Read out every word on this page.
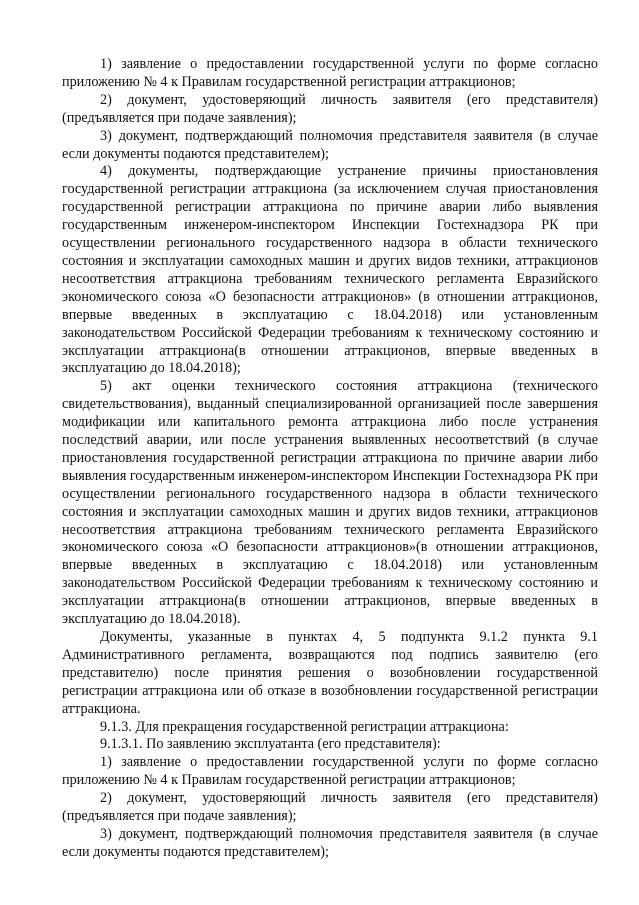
1) заявление о предоставлении государственной услуги по форме согласно приложению № 4 к Правилам государственной регистрации аттракционов;

2) документ, удостоверяющий личность заявителя (его представителя) (предъявляется при подаче заявления);

3) документ, подтверждающий полномочия представителя заявителя (в случае если документы подаются представителем);

4) документы, подтверждающие устранение причины приостановления государственной регистрации аттракциона (за исключением случая приостановления государственной регистрации аттракциона по причине аварии либо выявления государственным инженером-инспектором Инспекции Гостехнадзора РК при осуществлении регионального государственного надзора в области технического состояния и эксплуатации самоходных машин и других видов техники, аттракционов несоответствия аттракциона требованиям технического регламента Евразийского экономического союза «О безопасности аттракционов» (в отношении аттракционов, впервые введенных в эксплуатацию с 18.04.2018) или установленным законодательством Российской Федерации требованиям к техническому состоянию и эксплуатации аттракциона(в отношении аттракционов, впервые введенных в эксплуатацию до 18.04.2018);

5) акт оценки технического состояния аттракциона (технического свидетельствования), выданный специализированной организацией после завершения модификации или капитального ремонта аттракциона либо после устранения последствий аварии, или после устранения выявленных несоответствий (в случае приостановления государственной регистрации аттракциона по причине аварии либо выявления государственным инженером-инспектором Инспекции Гостехнадзора РК при осуществлении регионального государственного надзора в области технического состояния и эксплуатации самоходных машин и других видов техники, аттракционов несоответствия аттракциона требованиям технического регламента Евразийского экономического союза «О безопасности аттракционов»(в отношении аттракционов, впервые введенных в эксплуатацию с 18.04.2018) или установленным законодательством Российской Федерации требованиям к техническому состоянию и эксплуатации аттракциона(в отношении аттракционов, впервые введенных в эксплуатацию до 18.04.2018).

Документы, указанные в пунктах 4, 5 подпункта 9.1.2 пункта 9.1 Административного регламента, возвращаются под подпись заявителю (его представителю) после принятия решения о возобновлении государственной регистрации аттракциона или об отказе в возобновлении государственной регистрации аттракциона.

9.1.3. Для прекращения государственной регистрации аттракциона:

9.1.3.1. По заявлению эксплуатанта (его представителя):

1) заявление о предоставлении государственной услуги по форме согласно приложению № 4 к Правилам государственной регистрации аттракционов;

2) документ, удостоверяющий личность заявителя (его представителя) (предъявляется при подаче заявления);

3) документ, подтверждающий полномочия представителя заявителя (в случае если документы подаются представителем);
